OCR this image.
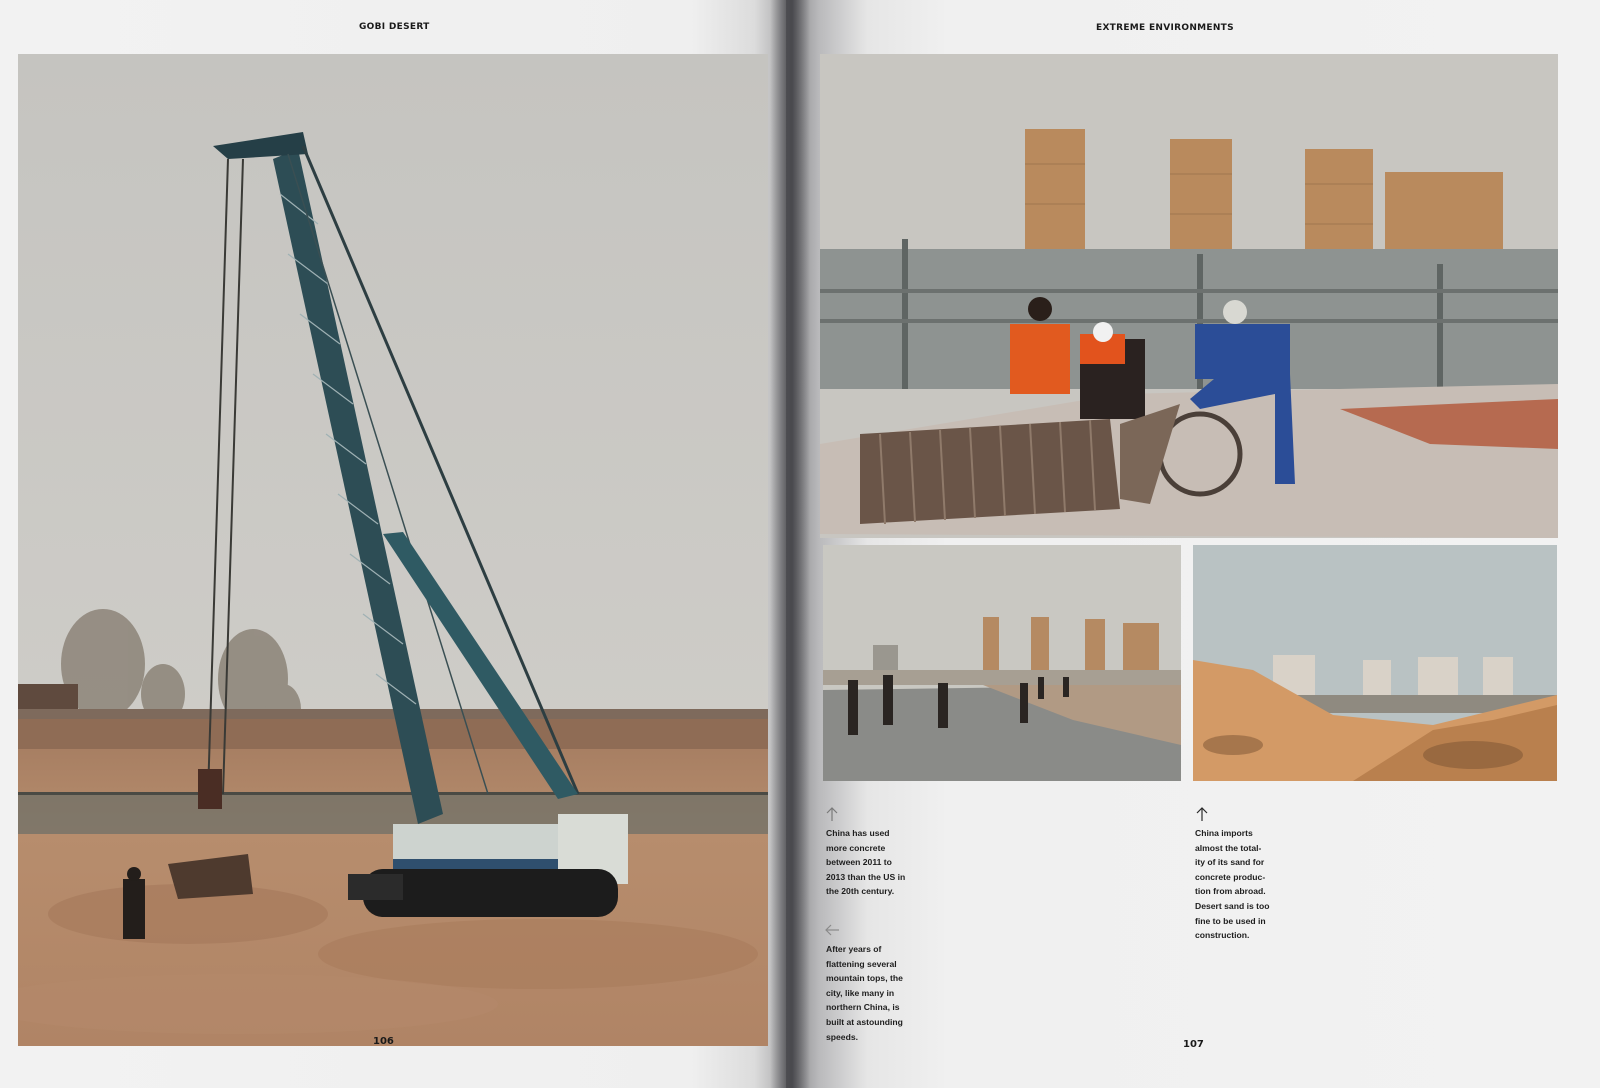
GOBI DESERT
106
EXTREME ENVIRONMENTS
China has used
more concrete
between 2011 to
2013 than the US in
the 20th century.
After years of
flattening several
mountain tops, the
city, like many in
northern China, is
built at astounding
speeds.
China imports
almost the total-
ity of its sand for
concrete produc-
tion from abroad.
Desert sand is too
fine to be used in
construction.
107
